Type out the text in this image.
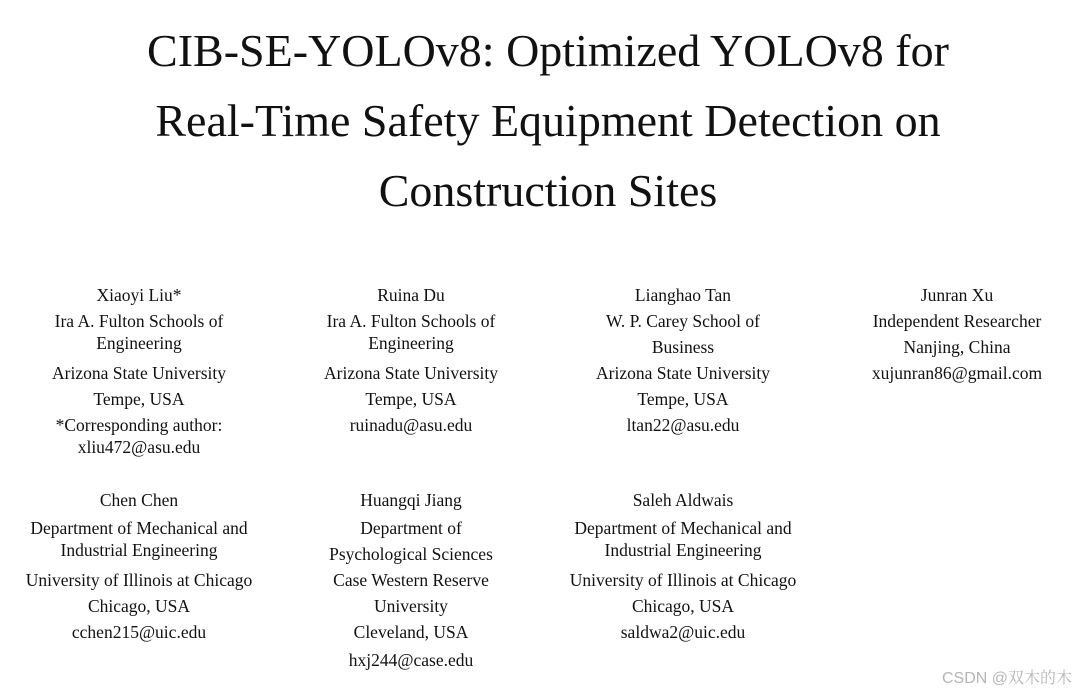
CIB-SE-YOLOv8: Optimized YOLOv8 for
Real-Time Safety Equipment Detection on
Construction Sites
Xiaoyi Liu*
Ira A. Fulton Schools of
Engineering
Arizona State University
Tempe, USA
*Corresponding author:
xliu472@asu.edu
Ruina Du
Ira A. Fulton Schools of
Engineering
Arizona State University
Tempe, USA
ruinadu@asu.edu
Lianghao Tan
W. P. Carey School of
Business
Arizona State University
Tempe, USA
ltan22@asu.edu
Junran Xu
Independent Researcher
Nanjing, China
xujunran86@gmail.com
Chen Chen
Department of Mechanical and
Industrial Engineering
University of Illinois at Chicago
Chicago, USA
cchen215@uic.edu
Huangqi Jiang
Department of
Psychological Sciences
Case Western Reserve
University
Cleveland, USA
hxj244@case.edu
Saleh Aldwais
Department of Mechanical and
Industrial Engineering
University of Illinois at Chicago
Chicago, USA
saldwa2@uic.edu
CSDN @双木的木
